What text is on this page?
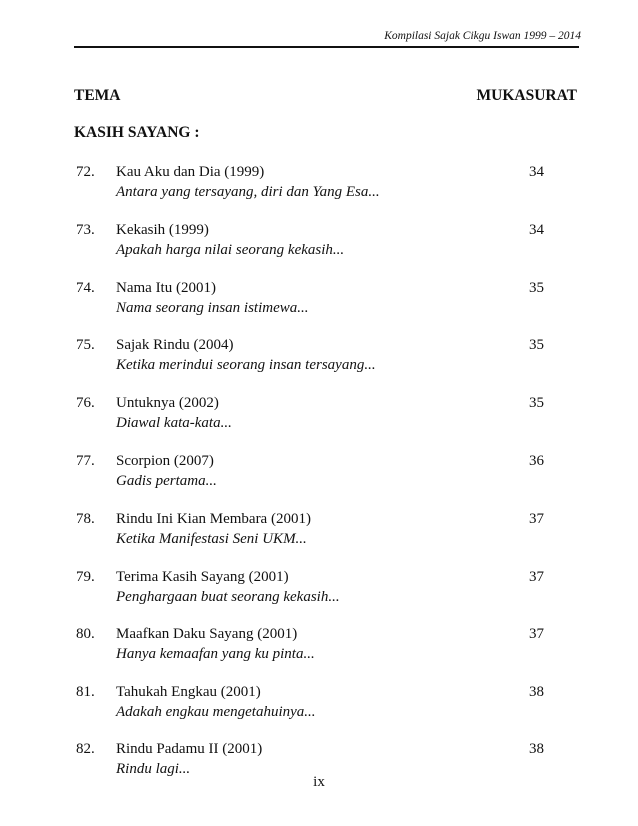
Kompilasi Sajak Cikgu Iswan 1999 – 2014
TEMA	MUKASURAT
KASIH SAYANG :
72. Kau Aku dan Dia (1999)
Antara yang tersayang, diri dan Yang Esa...
34
73. Kekasih (1999)
Apakah harga nilai seorang kekasih...
34
74. Nama Itu (2001)
Nama seorang insan istimewa...
35
75. Sajak Rindu (2004)
Ketika merindui seorang insan tersayang...
35
76. Untuknya (2002)
Diawal kata-kata...
35
77. Scorpion (2007)
Gadis pertama...
36
78. Rindu Ini Kian Membara (2001)
Ketika Manifestasi Seni UKM...
37
79. Terima Kasih Sayang (2001)
Penghargaan buat seorang kekasih...
37
80. Maafkan Daku Sayang (2001)
Hanya kemaafan yang ku pinta...
37
81. Tahukah Engkau (2001)
Adakah engkau mengetahuinya...
38
82. Rindu Padamu II (2001)
Rindu lagi...
38
ix
